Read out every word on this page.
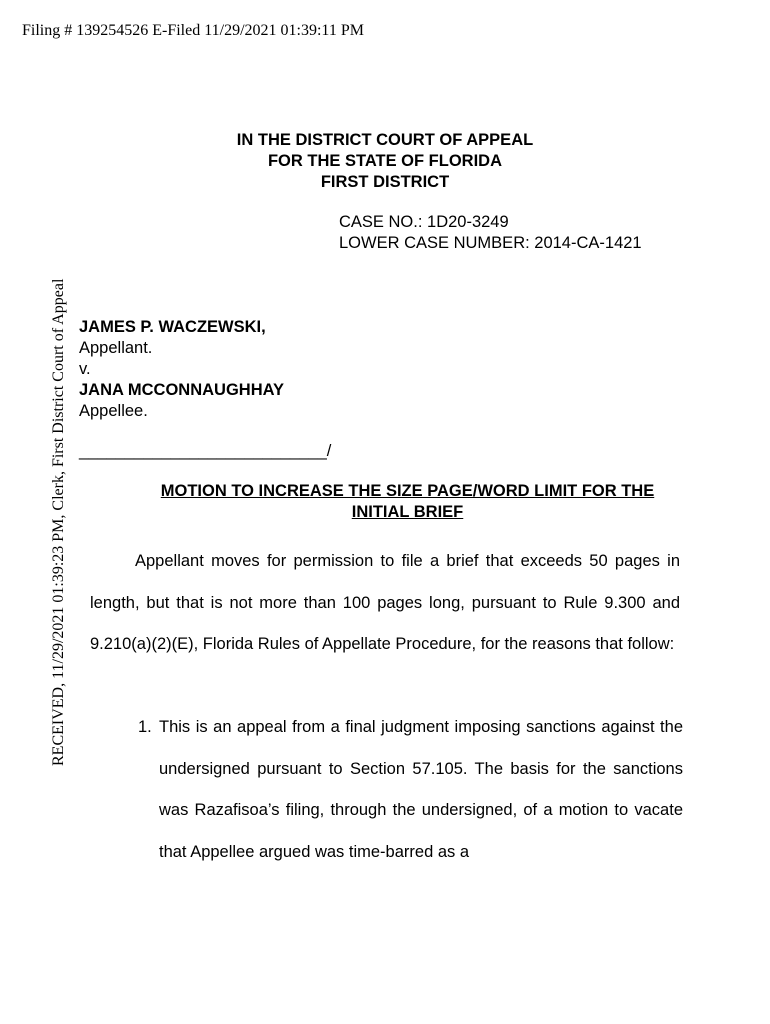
Filing # 139254526 E-Filed 11/29/2021 01:39:11 PM
RECEIVED, 11/29/2021 01:39:23 PM, Clerk, First District Court of Appeal
IN THE DISTRICT COURT OF APPEAL
FOR THE STATE OF FLORIDA
FIRST DISTRICT
CASE NO.: 1D20-3249
LOWER CASE NUMBER: 2014-CA-1421
JAMES P. WACZEWSKI,
Appellant.
v.
JANA MCCONNAUGHHAY
Appellee.
___________________________/
MOTION TO INCREASE THE SIZE PAGE/WORD LIMIT FOR THE
INITIAL BRIEF
Appellant moves for permission to file a brief that exceeds 50 pages in length, but that is not more than 100 pages long, pursuant to Rule 9.300 and 9.210(a)(2)(E), Florida Rules of Appellate Procedure, for the reasons that follow:
1. This is an appeal from a final judgment imposing sanctions against the undersigned pursuant to Section 57.105. The basis for the sanctions was Razafisoa’s filing, through the undersigned, of a motion to vacate that Appellee argued was time-barred as a
